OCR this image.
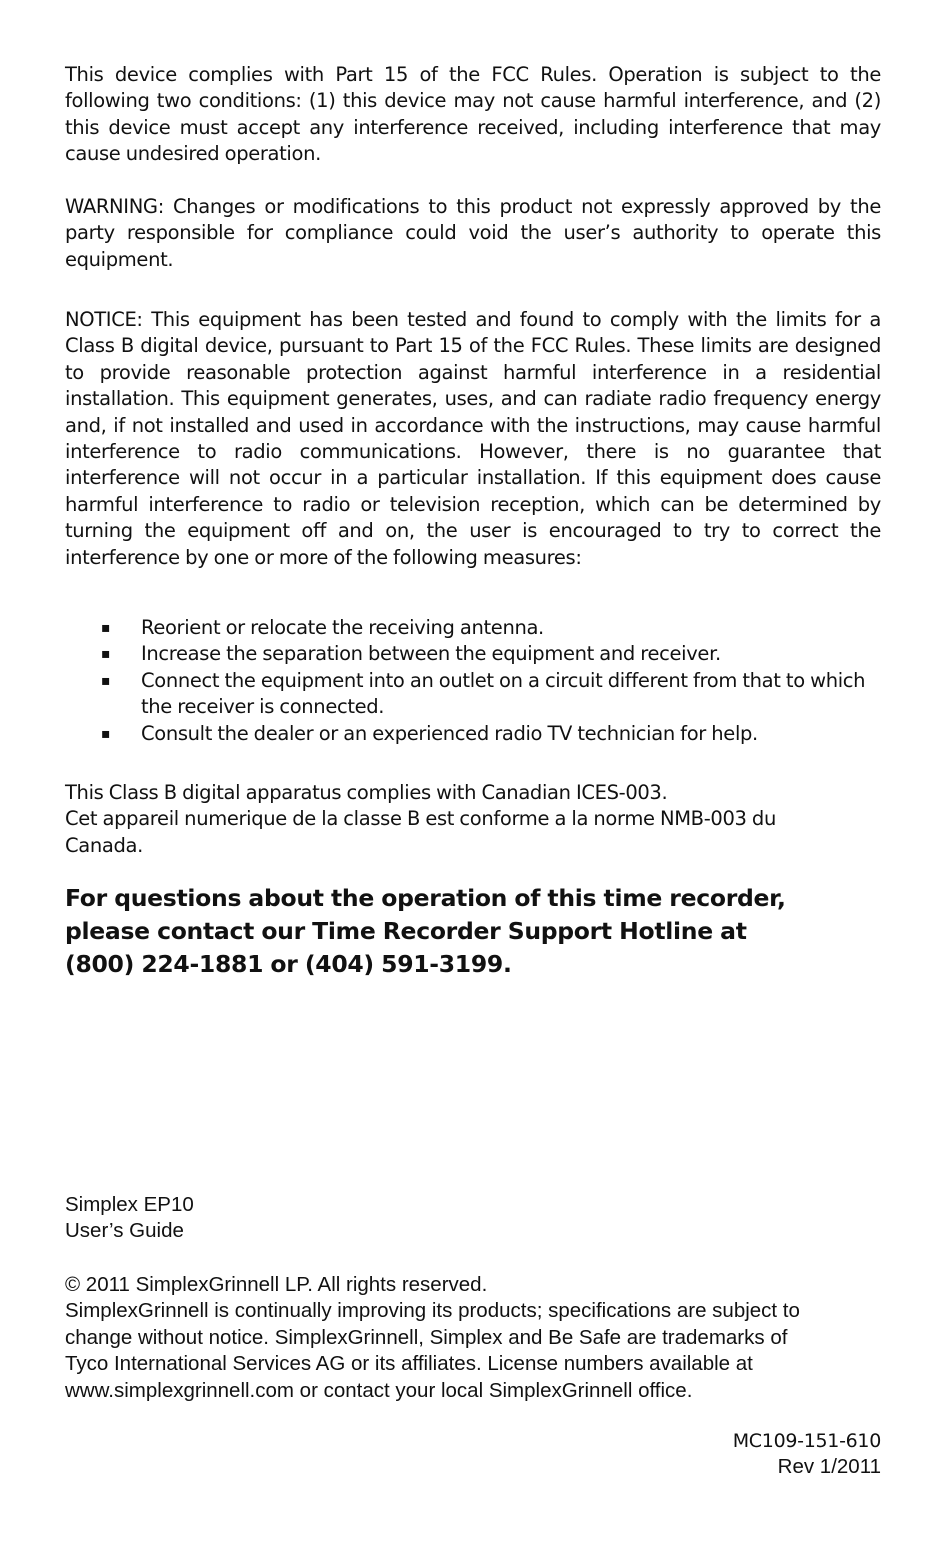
This device complies with Part 15 of the FCC Rules. Operation is subject to the following two conditions: (1) this device may not cause harmful interference, and (2) this device must accept any interference received, including interference that may cause undesired operation.

WARNING: Changes or modifications to this product not expressly approved by the party responsible for compliance could void the user’s authority to operate this equipment.

NOTICE: This equipment has been tested and found to comply with the limits for a Class B digital device, pursuant to Part 15 of the FCC Rules. These limits are designed to provide reasonable protection against harmful interference in a residential installation. This equipment generates, uses, and can radiate radio frequency energy and, if not installed and used in accordance with the instructions, may cause harmful interference to radio communications. However, there is no guarantee that interference will not occur in a particular installation. If this equipment does cause harmful interference to radio or television reception, which can be determined by turning the equipment off and on, the user is encouraged to try to correct the interference by one or more of the following measures:

▪ Reorient or relocate the receiving antenna.
▪ Increase the separation between the equipment and receiver.
▪ Connect the equipment into an outlet on a circuit different from that to which the receiver is connected.
▪ Consult the dealer or an experienced radio TV technician for help.
This Class B digital apparatus complies with Canadian ICES-003.
Cet appareil numerique de la classe B est conforme a la norme NMB-003 du
Canada.
For questions about the operation of this time recorder,
please contact our Time Recorder Support Hotline at
(800) 224-1881 or (404) 591-3199.
Simplex EP10
User’s Guide
© 2011 SimplexGrinnell LP. All rights reserved.
SimplexGrinnell is continually improving its products; specifications are subject to
change without notice. SimplexGrinnell, Simplex and Be Safe are trademarks of
Tyco International Services AG or its affiliates. License numbers available at
www.simplexgrinnell.com or contact your local SimplexGrinnell office.
MC109-151-610
Rev 1/2011
